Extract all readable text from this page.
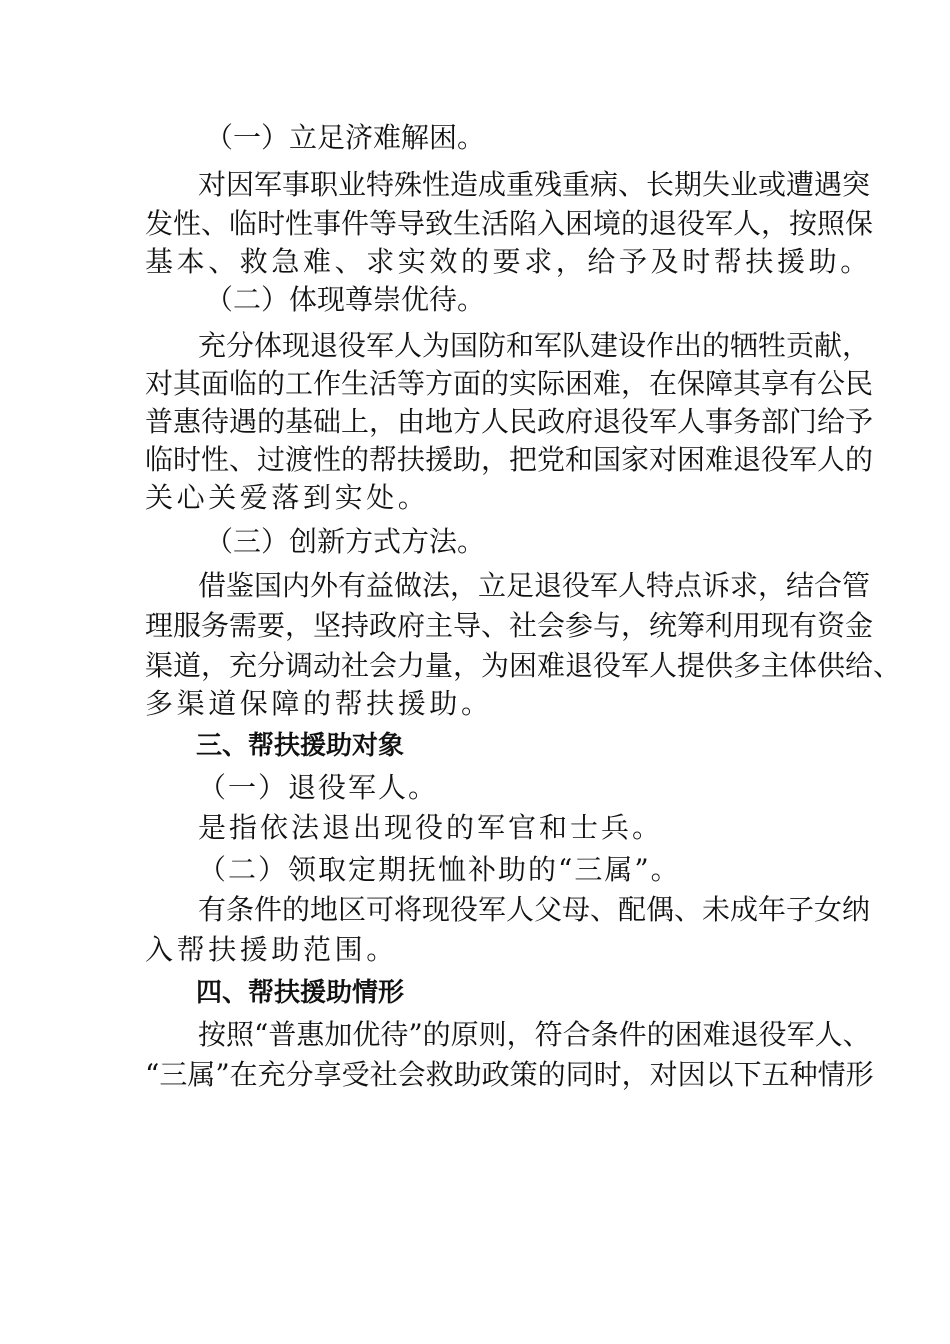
（一）立足济难解困。
对因军事职业特殊性造成重残重病、长期失业或遭遇突
发性、临时性事件等导致生活陷入困境的退役军人，按照保
基本、救急难、求实效的要求，给予及时帮扶援助。
（二）体现尊崇优待。
充分体现退役军人为国防和军队建设作出的牺牲贡献，
对其面临的工作生活等方面的实际困难，在保障其享有公民
普惠待遇的基础上，由地方人民政府退役军人事务部门给予
临时性、过渡性的帮扶援助，把党和国家对困难退役军人的
关心关爱落到实处。
（三）创新方式方法。
借鉴国内外有益做法，立足退役军人特点诉求，结合管
理服务需要，坚持政府主导、社会参与，统筹利用现有资金
渠道，充分调动社会力量，为困难退役军人提供多主体供给、
多渠道保障的帮扶援助。
三、帮扶援助对象
（一）退役军人。
是指依法退出现役的军官和士兵。
（二）领取定期抚恤补助的“三属”。
有条件的地区可将现役军人父母、配偶、未成年子女纳
入帮扶援助范围。
四、帮扶援助情形
按照“普惠加优待”的原则，符合条件的困难退役军人、
“三属”在充分享受社会救助政策的同时，对因以下五种情形
